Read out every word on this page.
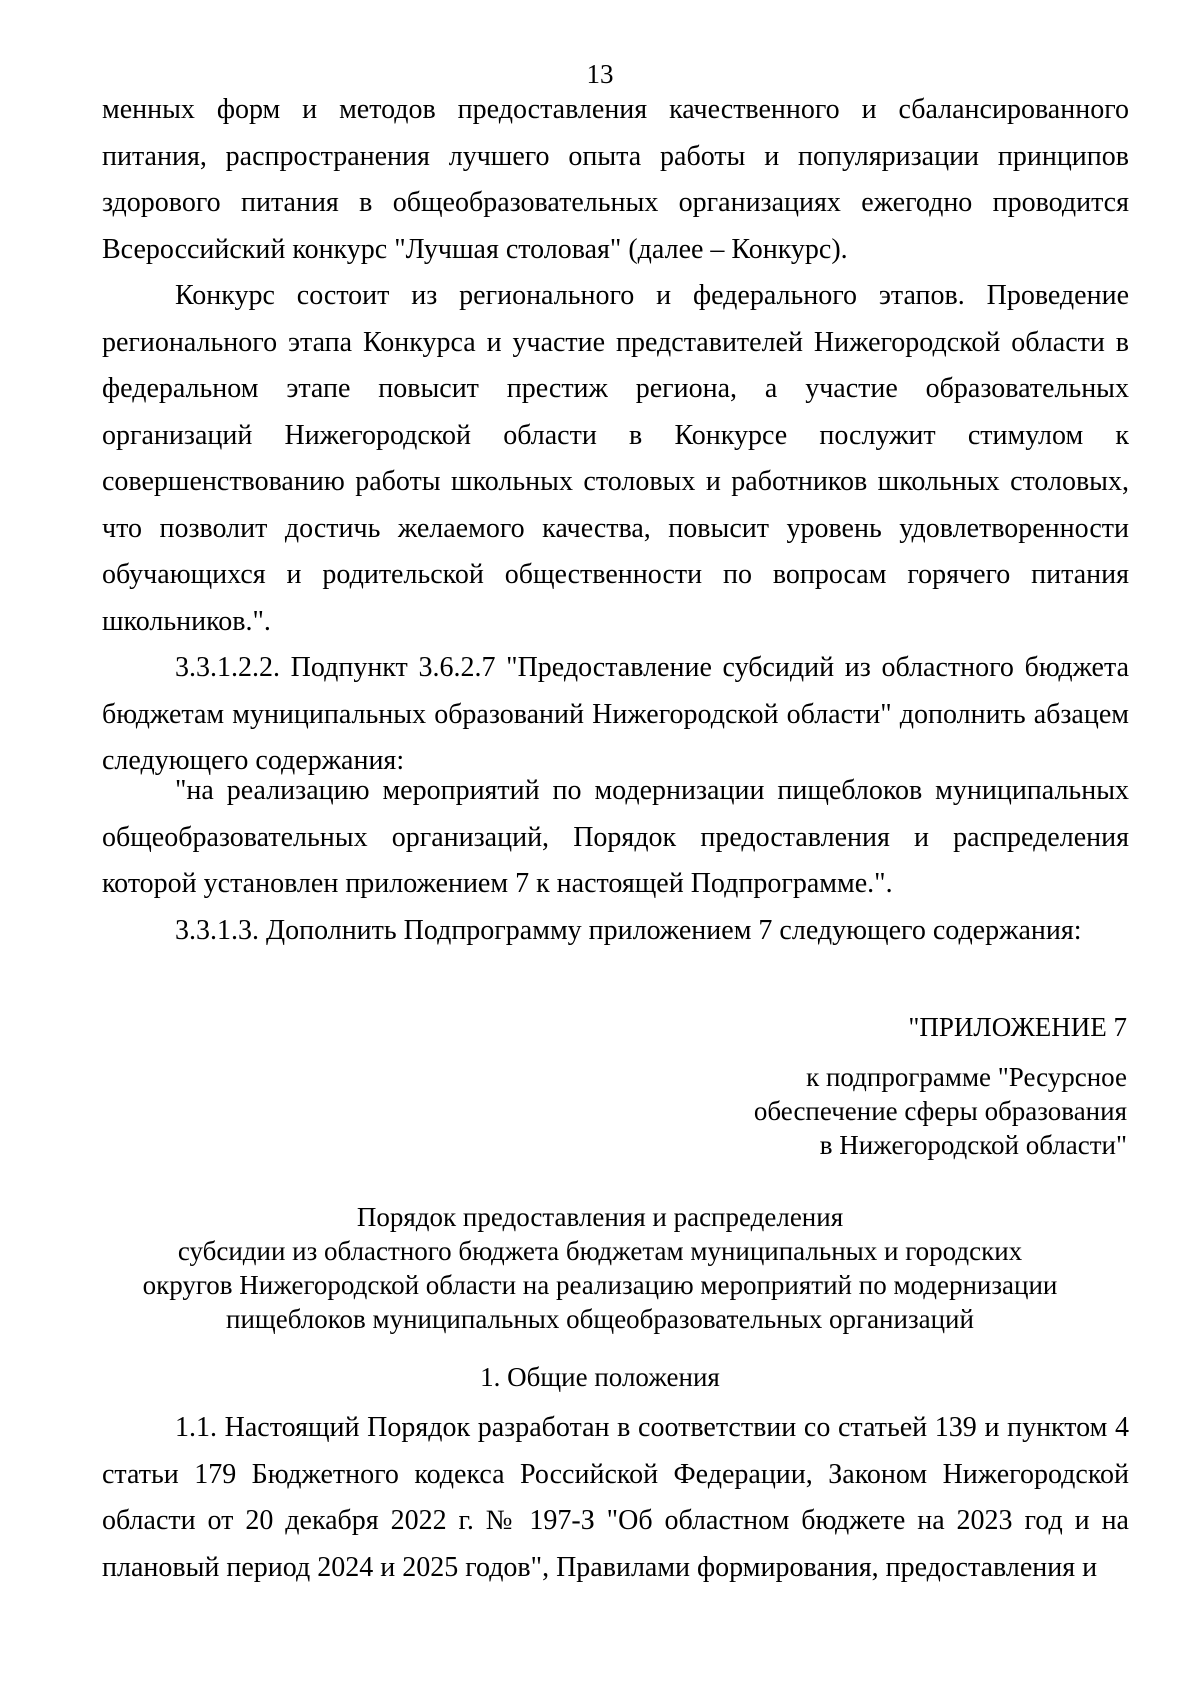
13

менных форм и методов предоставления качественного и сбалансированного питания, распространения лучшего опыта работы и популяризации принципов здорового питания в общеобразовательных организациях ежегодно проводится Всероссийский конкурс "Лучшая столовая" (далее – Конкурс).

Конкурс состоит из регионального и федерального этапов. Проведение регионального этапа Конкурса и участие представителей Нижегородской области в федеральном этапе повысит престиж региона, а участие образовательных организаций Нижегородской области в Конкурсе послужит стимулом к совершенствованию работы школьных столовых и работников школьных столовых, что позволит достичь желаемого качества, повысит уровень удовлетворенности обучающихся и родительской общественности по вопросам горячего питания школьников.".

3.3.1.2.2. Подпункт 3.6.2.7 "Предоставление субсидий из областного бюджета бюджетам муниципальных образований Нижегородской области" дополнить абзацем следующего содержания:

"на реализацию мероприятий по модернизации пищеблоков муниципальных общеобразовательных организаций, Порядок предоставления и распределения которой установлен приложением 7 к настоящей Подпрограмме.".

3.3.1.3. Дополнить Подпрограмму приложением 7 следующего содержания:

"ПРИЛОЖЕНИЕ 7
к подпрограмме "Ресурсное
обеспечение сферы образования
в Нижегородской области"
Порядок предоставления и распределения
субсидии из областного бюджета бюджетам муниципальных и городских
округов Нижегородской области на реализацию мероприятий по модернизации
пищеблоков муниципальных общеобразовательных организаций
1. Общие положения

1.1. Настоящий Порядок разработан в соответствии со статьей 139 и пунктом 4 статьи 179 Бюджетного кодекса Российской Федерации, Законом Нижегородской области от 20 декабря 2022 г. № 197-З "Об областном бюджете на 2023 год и на плановый период 2024 и 2025 годов", Правилами формирования, предоставления и
